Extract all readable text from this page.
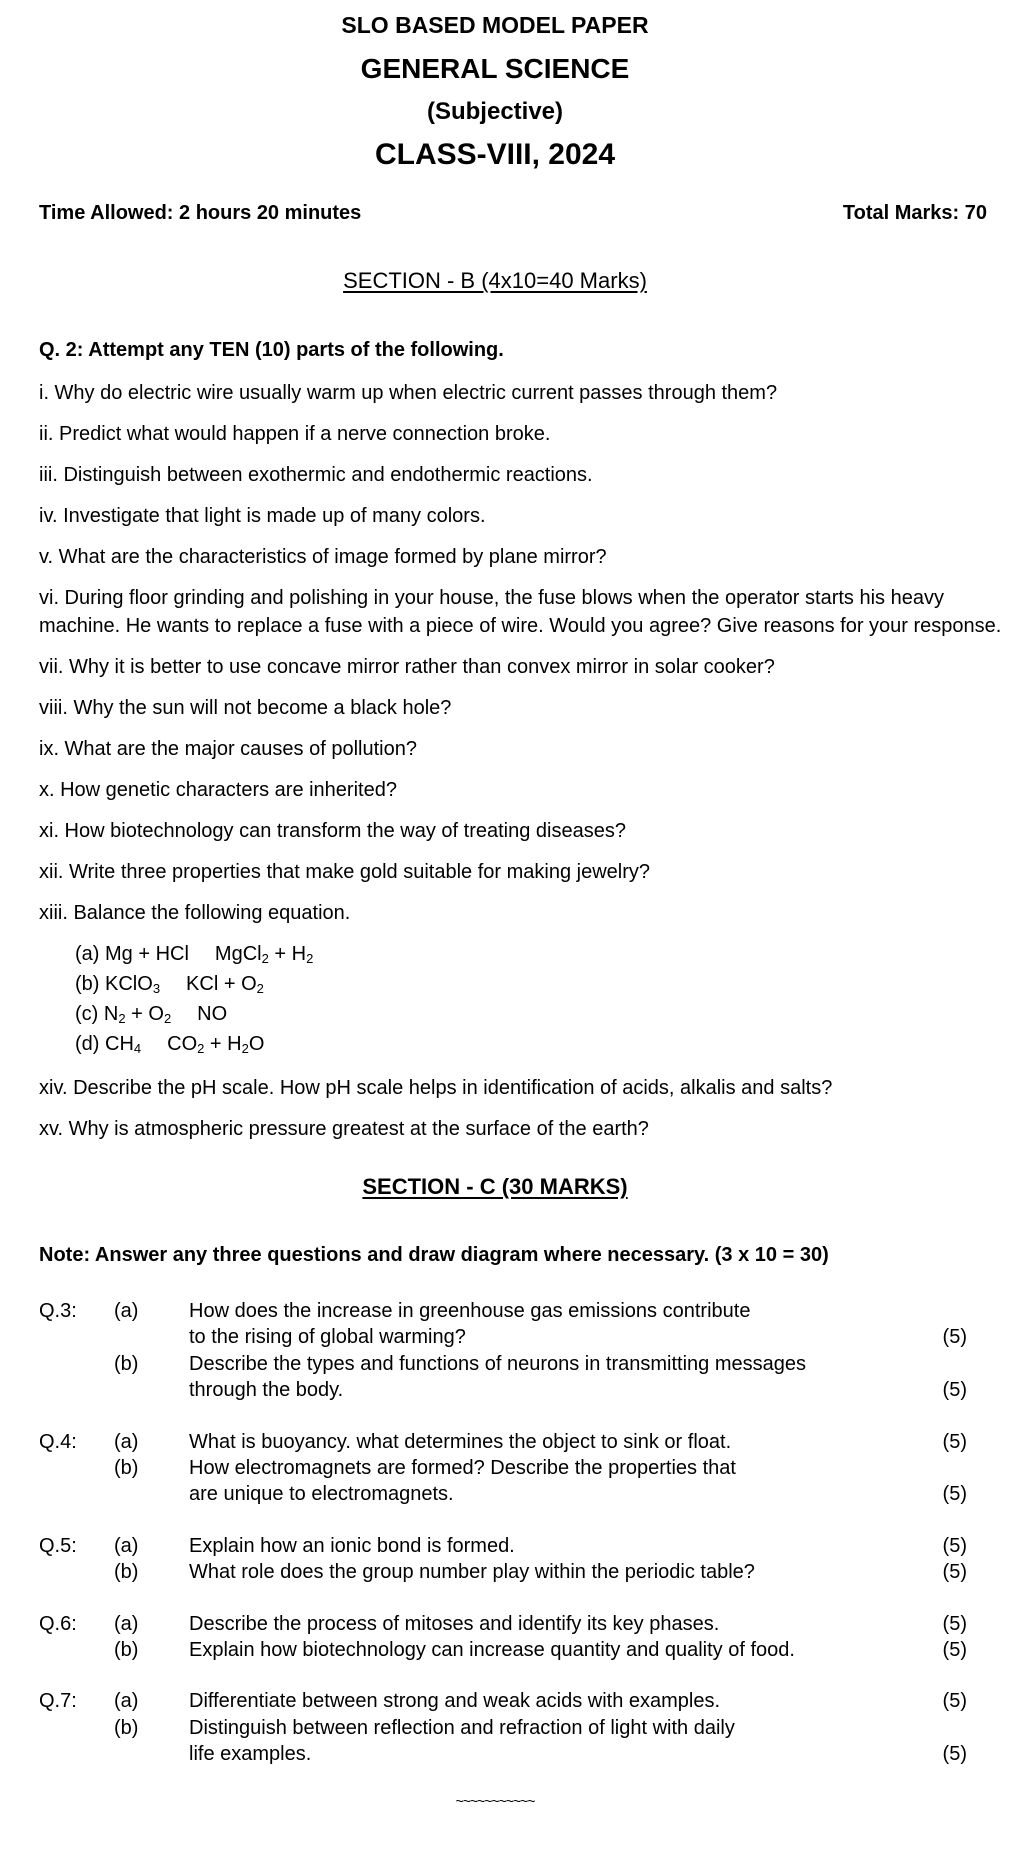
SLO BASED MODEL PAPER
GENERAL SCIENCE
(Subjective)
CLASS-VIII, 2024
Time Allowed: 2 hours 20 minutes	Total Marks: 70
SECTION - B (4x10=40 Marks)
Q. 2: Attempt any TEN (10) parts of the following.
i. Why do electric wire usually warm up when electric current passes through them?
ii. Predict what would happen if a nerve connection broke.
iii. Distinguish between exothermic and endothermic reactions.
iv. Investigate that light is made up of many colors.
v. What are the characteristics of image formed by plane mirror?
vi. During floor grinding and polishing in your house, the fuse blows when the operator starts his heavy machine. He wants to replace a fuse with a piece of wire. Would you agree? Give reasons for your response.
vii. Why it is better to use concave mirror rather than convex mirror in solar cooker?
viii. Why the sun will not become a black hole?
ix. What are the major causes of pollution?
x. How genetic characters are inherited?
xi. How biotechnology can transform the way of treating diseases?
xii. Write three properties that make gold suitable for making jewelry?
xiii. Balance the following equation.
(a) Mg + HCl MgCl$_2$ + $H_2$
(b) KClO$_3$ KCl + $O_2$
(c) $N_2 + O_2$ NO
(d) $CH_4$ $CO_2 + H_2O$
xiv. Describe the pH scale. How pH scale helps in identification of acids, alkalis and salts?
xv. Why is atmospheric pressure greatest at the surface of the earth?
SECTION - C (30 MARKS)
Note: Answer any three questions and draw diagram where necessary. (3 x 10 = 30)
Q.3:	(a)	How does the increase in greenhouse gas emissions contribute
to the rising of global warming?	(5)
(b)	Describe the types and functions of neurons in transmitting messages
through the body.	(5)
Q.4:	(a)	What is buoyancy. what determines the object to sink or float.	(5)
(b)	How electromagnets are formed? Describe the properties that
are unique to electromagnets.	(5)
Q.5:	(a)	Explain how an ionic bond is formed.	(5)
(b)	What role does the group number play within the periodic table?	(5)
Q.6:	(a)	Describe the process of mitoses and identify its key phases.	(5)
(b)	Explain how biotechnology can increase quantity and quality of food.	(5)
Q.7:	(a)	Differentiate between strong and weak acids with examples.	(5)
(b)	Distinguish between reflection and refraction of light with daily
life examples.	(5)
~~~~~~~~~~~
